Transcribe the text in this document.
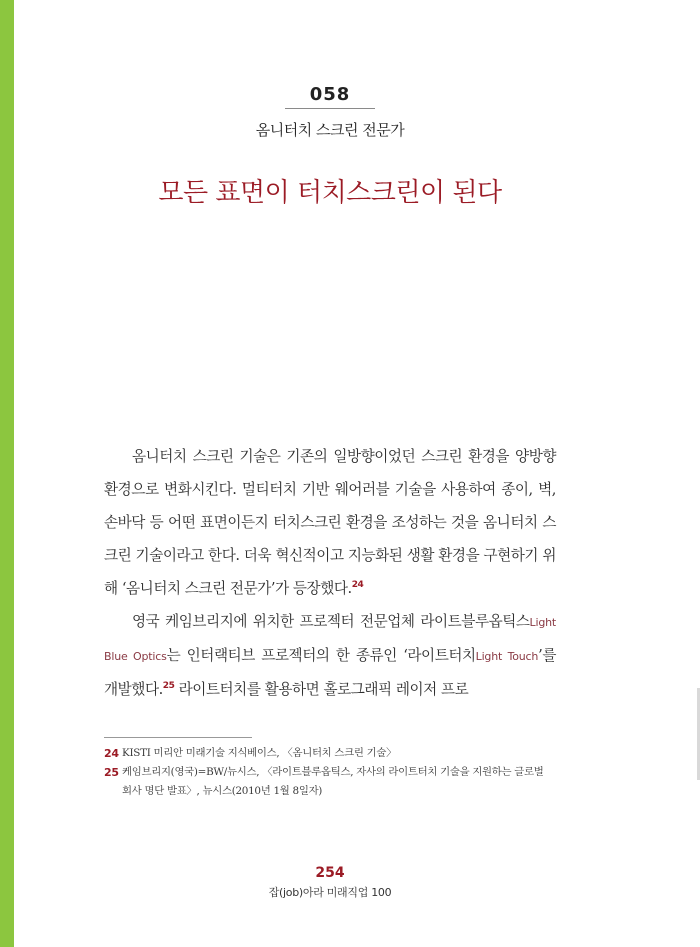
058
옴니터치 스크린 전문가
모든 표면이 터치스크린이 된다

옴니터치 스크린 기술은 기존의 일방향이었던 스크린 환경을 양방향 환경으로 변화시킨다. 멀티터치 기반 웨어러블 기술을 사용하여 종이, 벽, 손바닥 등 어떤 표면이든지 터치스크린 환경을 조성하는 것을 옴니터치 스크린 기술이라고 한다. 더욱 혁신적이고 지능화된 생활 환경을 구현하기 위해 ‘옴니터치 스크린 전문가’가 등장했다.$^{24}$

영국 케임브리지에 위치한 프로젝터 전문업체 라이트블루옵틱스Light Blue Optics는 인터랙티브 프로젝터의 한 종류인 ‘라이트터치Light Touch’를 개발했다.$^{25}$ 라이트터치를 활용하면 홀로그래픽 레이저 프로

24 KISTI 미리안 미래기술 지식베이스, 〈옴니터치 스크린 기술〉
25 케임브리지(영국)=BW/뉴시스, 〈라이트블루옵틱스, 자사의 라이트터치 기술을 지원하는 글로벌 회사 명단 발표〉, 뉴시스(2010년 1월 8일자)
254
잡(job)아라 미래직업 100
